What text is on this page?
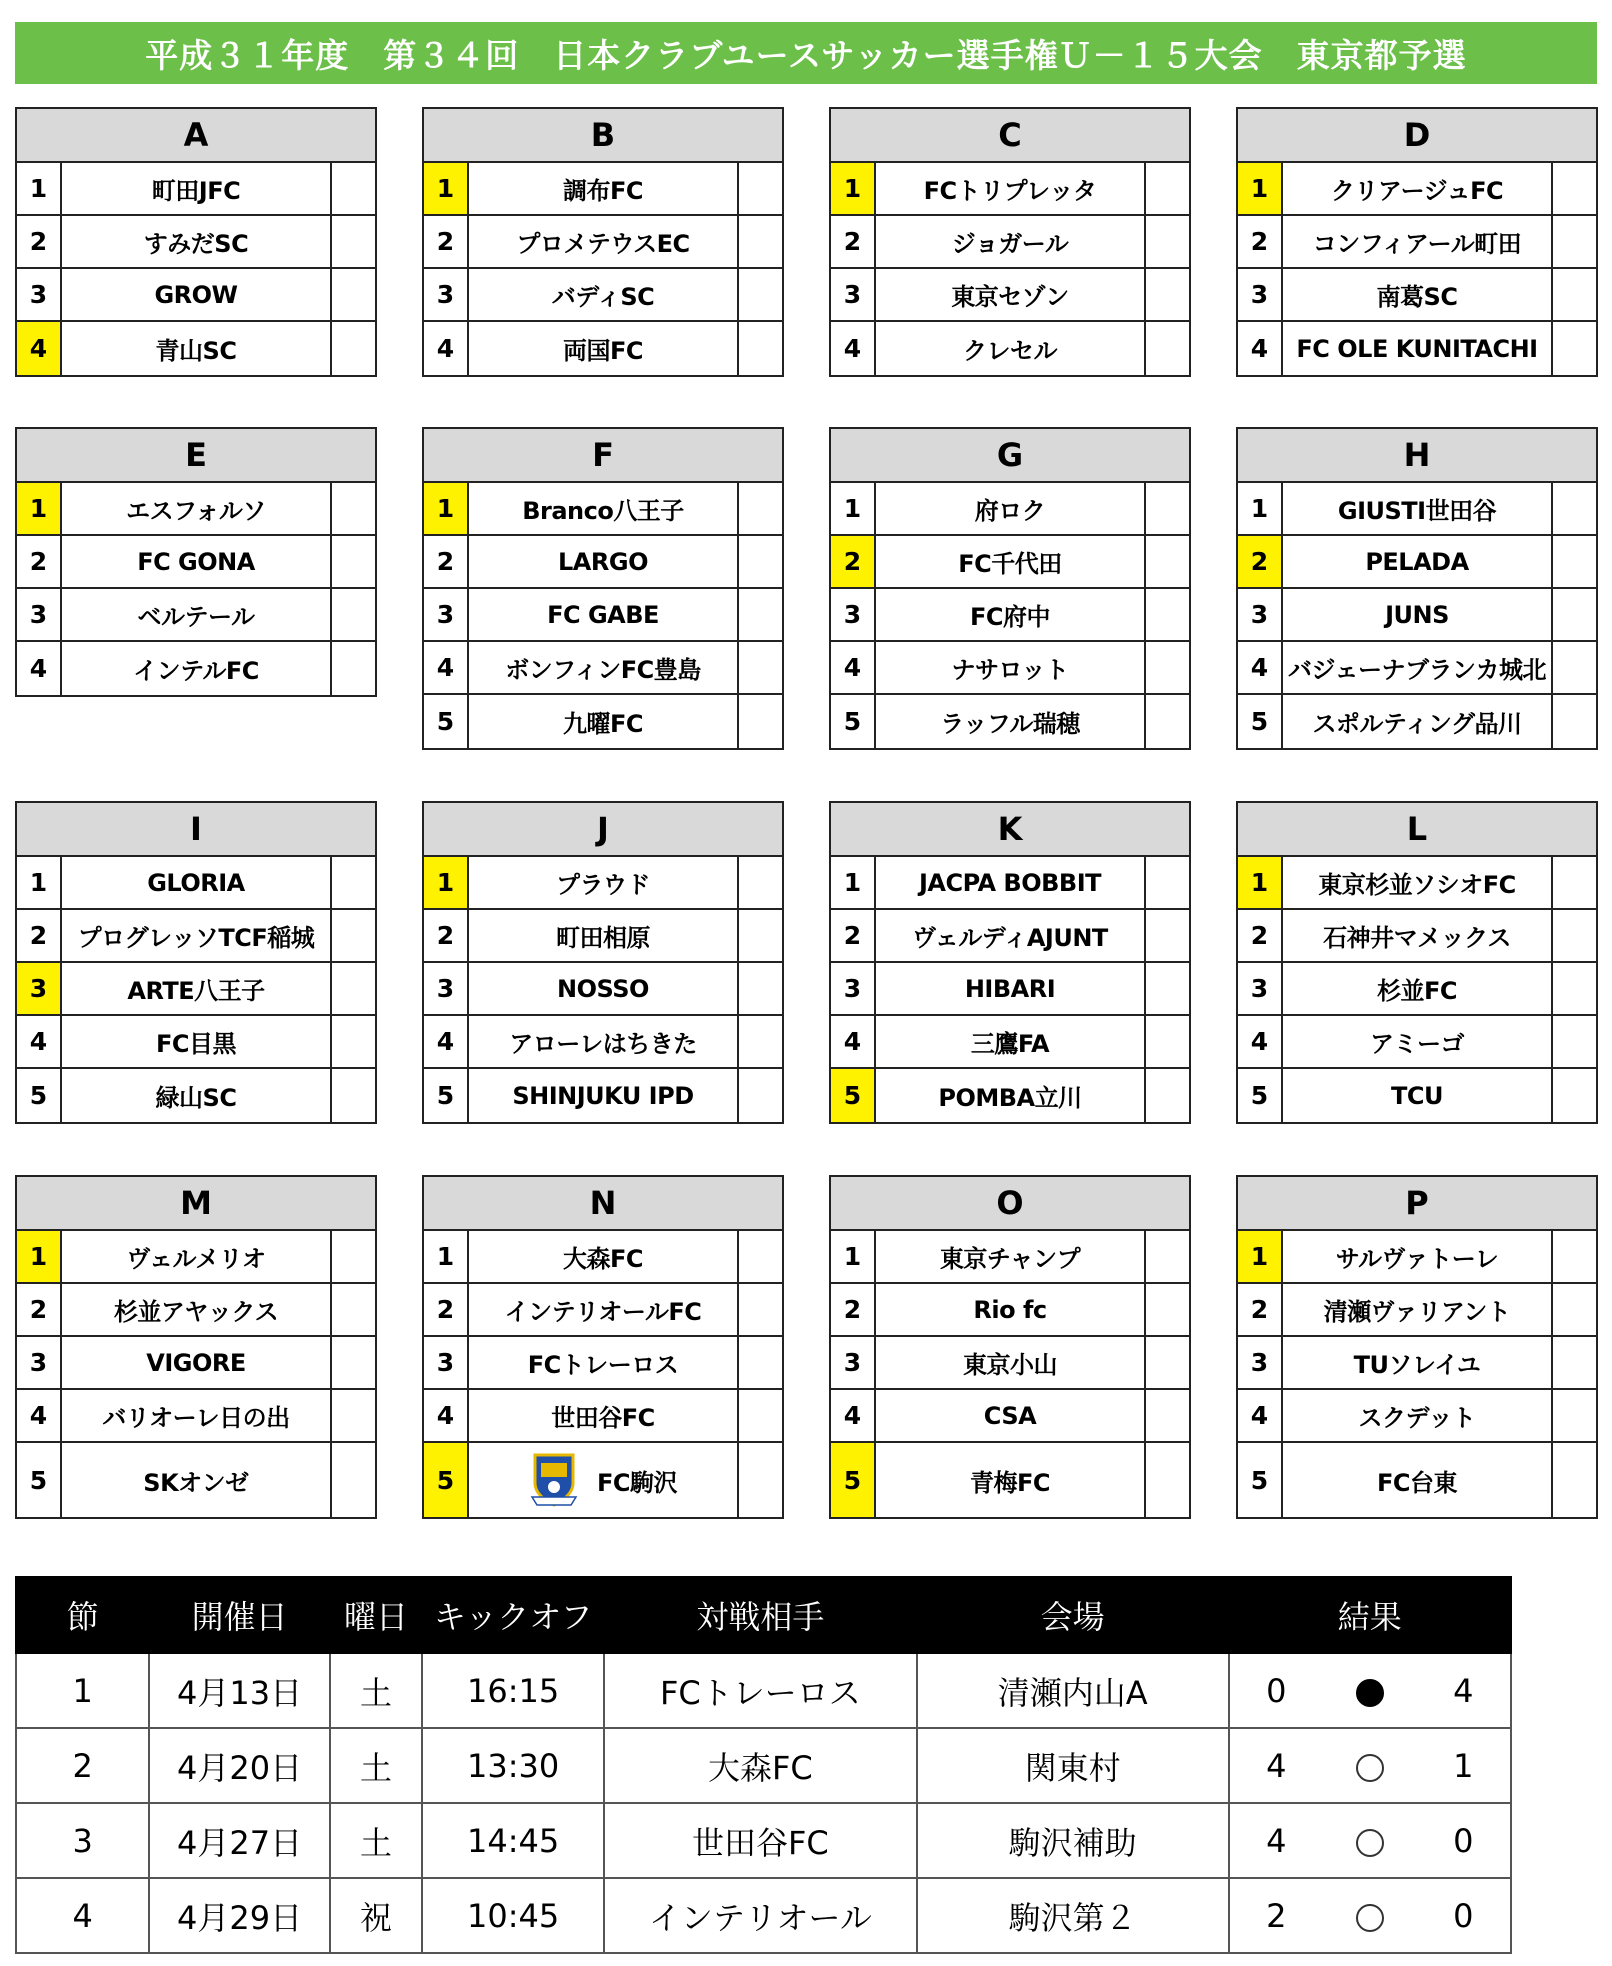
平成３１年度　第３４回　日本クラブユースサッカー選手権Ｕ－１５大会　東京都予選
A
1	町田JFC
2	すみだSC
3	GROW
4	青山SC
B
1	調布FC
2	プロメテウスEC
3	バディSC
4	両国FC
C
1	FCトリプレッタ
2	ジョガール
3	東京セゾン
4	クレセル
D
1	クリアージュFC
2	コンフィアール町田
3	南葛SC
4	FC OLE KUNITACHI
E
1	エスフォルソ
2	FC GONA
3	ベルテール
4	インテルFC
F
1	Branco八王子
2	LARGO
3	FC GABE
4	ボンフィンFC豊島
5	九曜FC
G
1	府ロク
2	FC千代田
3	FC府中
4	ナサロット
5	ラッフル瑞穂
H
1	GIUSTI世田谷
2	PELADA
3	JUNS
4 バジェーナブランカ城北
5	スポルティング品川
I
1	GLORIA
2	プログレッソTCF稲城
3	ARTE八王子
4	FC目黒
5	緑山SC
J
1	プラウド
2	町田相原
3	NOSSO
4	アローレはちきた
5	SHINJUKU IPD
K
1	JACPA BOBBIT
2	ヴェルディAJUNT
3	HIBARI
4	三鷹FA
5	POMBA立川
L
1	東京杉並ソシオFC
2	石神井マメックス
3	杉並FC
4	アミーゴ
5	TCU
M
1	ヴェルメリオ
2	杉並アヤックス
3	VIGORE
4	バリオーレ日の出
5	SKオンゼ
N
1	大森FC
2	インテリオールFC
3	FCトレーロス
4	世田谷FC
5	FC駒沢
O
1	東京チャンプ
2	Rio fc
3	東京小山
4	CSA
5	青梅FC
P
1	サルヴァトーレ
2	清瀬ヴァリアント
3	TUソレイユ
4	スクデット
5	FC台東
節	開催日	曜日	キックオフ	対戦相手	会場	結果		
1	4月13日	土	16:15	FCトレーロス	清瀬内山A	0		4
2	4月20日	土	13:30	大森FC	関東村	4		1
3	4月27日	土	14:45	世田谷FC	駒沢補助	4		0
4	4月29日	祝	10:45	インテリオール	駒沢第２	2		0
